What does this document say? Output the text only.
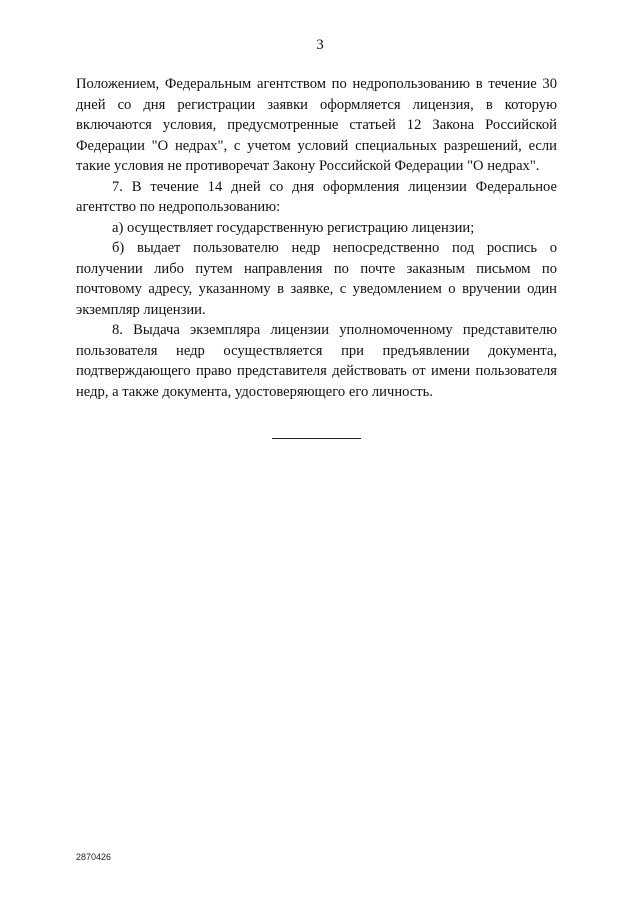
3

Положением, Федеральным агентством по недропользованию в течение 30 дней со дня регистрации заявки оформляется лицензия, в которую включаются условия, предусмотренные статьей 12 Закона Российской Федерации "О недрах", с учетом условий специальных разрешений, если такие условия не противоречат Закону Российской Федерации "О недрах".

7. В течение 14 дней со дня оформления лицензии Федеральное агентство по недропользованию:

а) осуществляет государственную регистрацию лицензии;

б) выдает пользователю недр непосредственно под роспись о получении либо путем направления по почте заказным письмом по почтовому адресу, указанному в заявке, с уведомлением о вручении один экземпляр лицензии.

8. Выдача экземпляра лицензии уполномоченному представителю пользователя недр осуществляется при предъявлении документа, подтверждающего право представителя действовать от имени пользователя недр, а также документа, удостоверяющего его личность.

2870426
